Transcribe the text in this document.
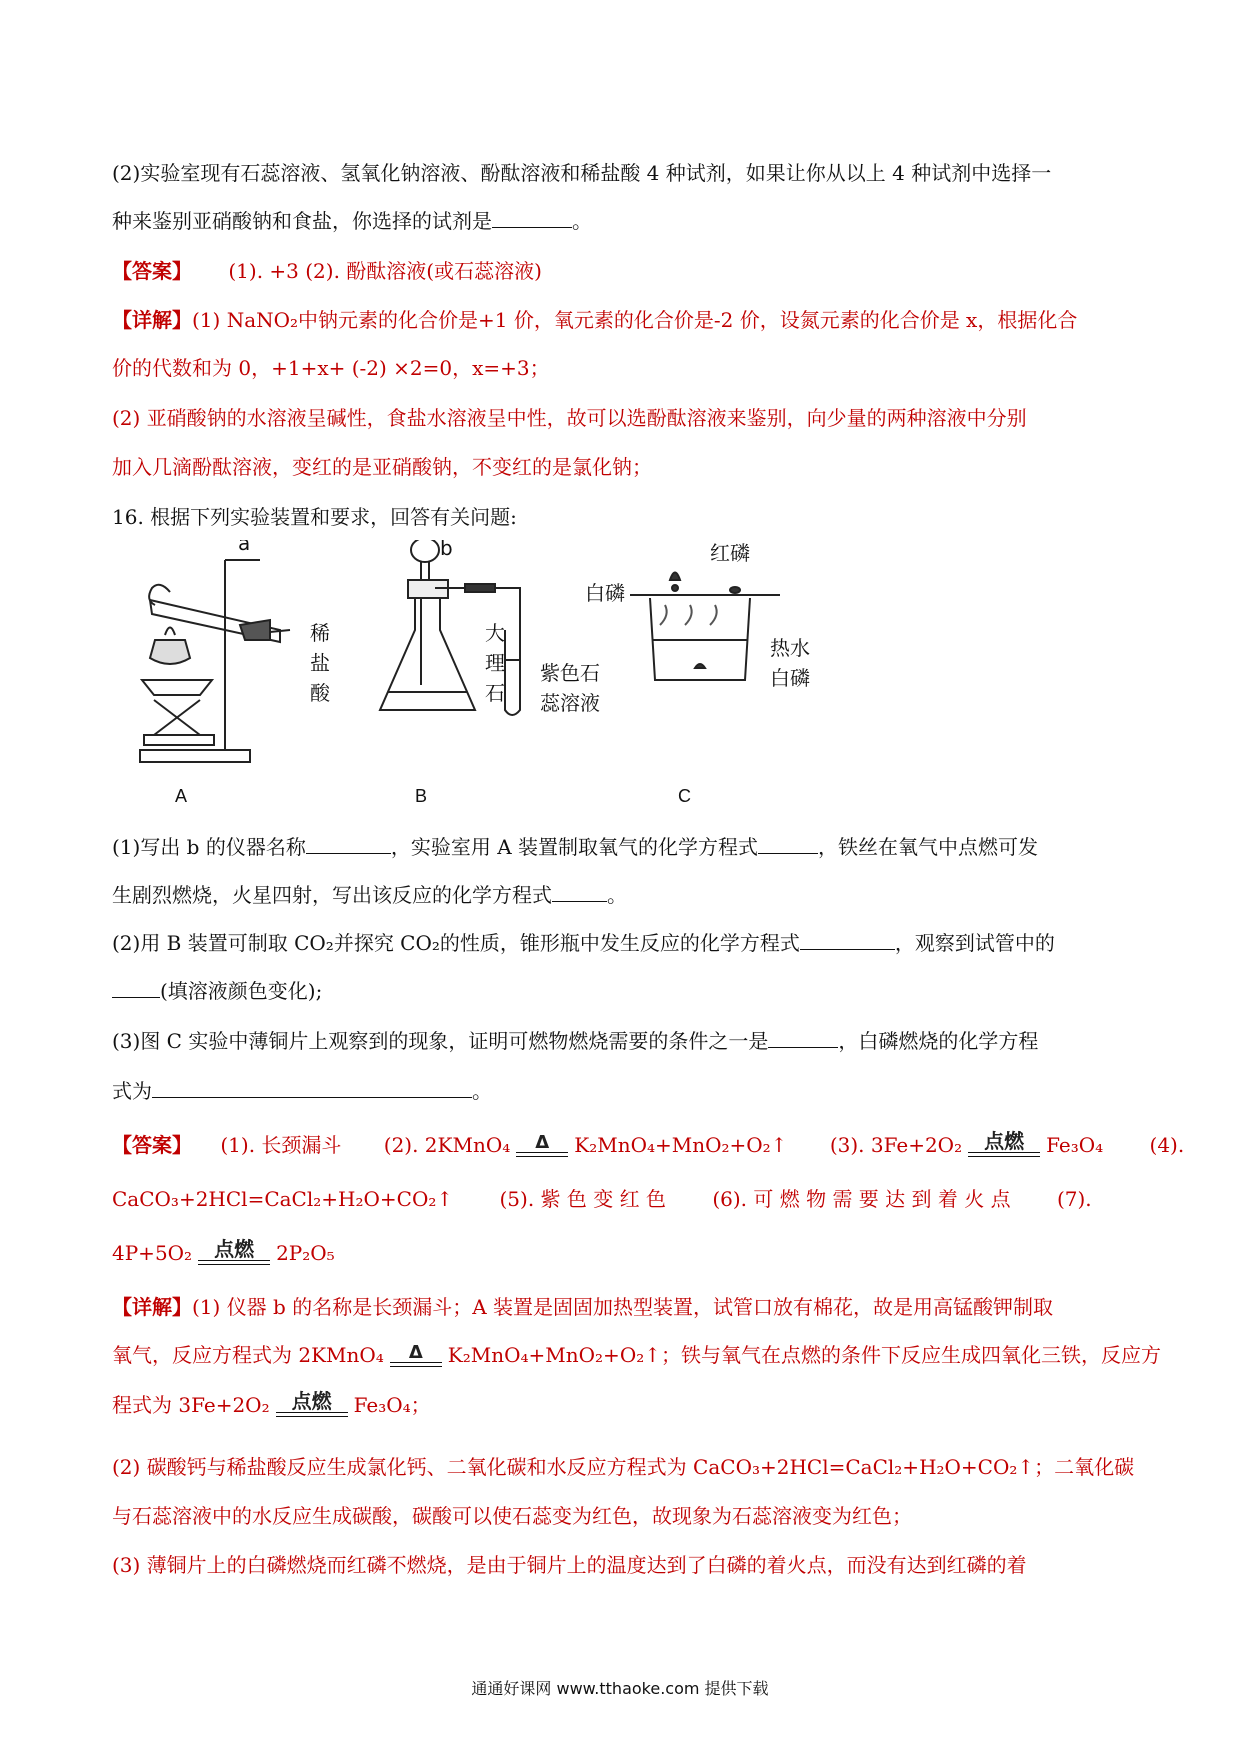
(2)实验室现有石蕊溶液、氢氧化钠溶液、酚酞溶液和稀盐酸 4 种试剂，如果让你从以上 4 种试剂中选择一
种来鉴别亚硝酸钠和食盐，你选择的试剂是	。
【答案】 (1). +3 (2). 酚酞溶液(或石蕊溶液)
【详解】(1) NaNO₂中钠元素的化合价是+1 价，氧元素的化合价是-2 价，设氮元素的化合价是 x，根据化合
价的代数和为 0，+1+x+ (-2) ×2=0，x=+3；
(2) 亚硝酸钠的水溶液呈碱性，食盐水溶液呈中性，故可以选酚酞溶液来鉴别，向少量的两种溶液中分别
加入几滴酚酞溶液，变红的是亚硝酸钠，不变红的是氯化钠；
16. 根据下列实验装置和要求，回答有关问题:
a
A
b
稀
盐
酸
大
理
石
紫色石
蕊溶液
B
红磷
白磷
热水
白磷
C
(1)写出 b 的仪器名称	，实验室用 A 装置制取氧气的化学方程式	，铁丝在氧气中点燃可发
生剧烈燃烧，火星四射，写出该反应的化学方程式	。
(2)用 B 装置可制取 CO₂并探究 CO₂的性质，锥形瓶中发生反应的化学方程式	，观察到试管中的
(填溶液颜色变化);
(3)图 C 实验中薄铜片上观察到的现象，证明可燃物燃烧需要的条件之一是	，白磷燃烧的化学方程
式为	。
【答案】 (1). 长颈漏斗 (2). 2KMnO₄	Δ	K₂MnO₄+MnO₂+O₂↑ (3). 3Fe+2O₂	点燃	Fe₃O₄ (4).
CaCO₃+2HCl=CaCl₂+H₂O+CO₂↑ (5). 紫 色 变 红 色 (6). 可 燃 物 需 要 达 到 着 火 点 (7).
4P+5O₂	点燃	2P₂O₅
【详解】(1) 仪器 b 的名称是长颈漏斗；A 装置是固固加热型装置，试管口放有棉花，故是用高锰酸钾制取
氧气，反应方程式为 2KMnO₄	Δ	K₂MnO₄+MnO₂+O₂↑；铁与氧气在点燃的条件下反应生成四氧化三铁，反应方
程式为 3Fe+2O₂	点燃	Fe₃O₄；
(2) 碳酸钙与稀盐酸反应生成氯化钙、二氧化碳和水反应方程式为 CaCO₃+2HCl=CaCl₂+H₂O+CO₂↑；二氧化碳
与石蕊溶液中的水反应生成碳酸，碳酸可以使石蕊变为红色，故现象为石蕊溶液变为红色；
(3) 薄铜片上的白磷燃烧而红磷不燃烧，是由于铜片上的温度达到了白磷的着火点，而没有达到红磷的着
通通好课网 www.tthaoke.com 提供下载
